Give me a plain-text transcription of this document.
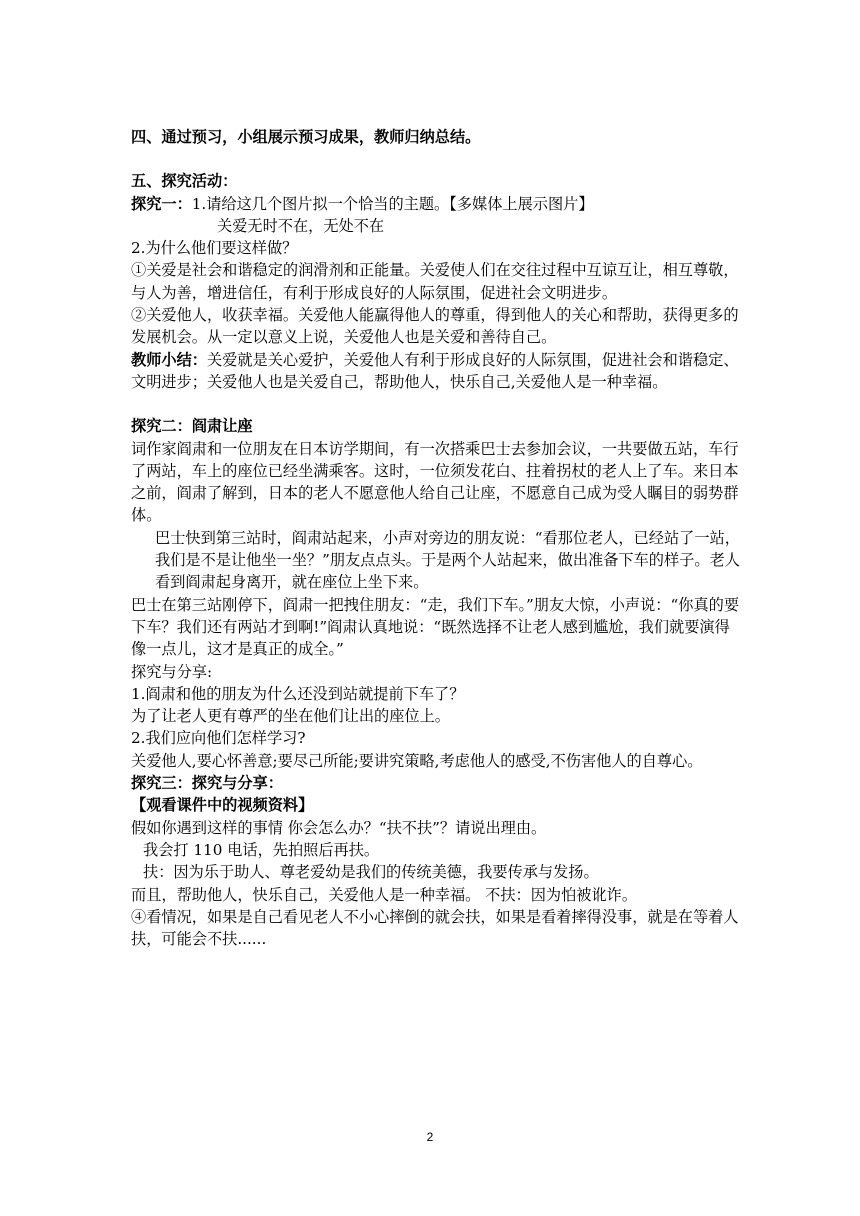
四、通过预习，小组展示预习成果，教师归纳总结。

五、探究活动：

探究一：1.请给这几个图片拟一个恰当的主题。【多媒体上展示图片】

关爱无时不在，无处不在

2.为什么他们要这样做？

①关爱是社会和谐稳定的润滑剂和正能量。关爱使人们在交往过程中互谅互让，相互尊敬，与人为善，增进信任，有利于形成良好的人际氛围，促进社会文明进步。

②关爱他人，收获幸福。关爱他人能赢得他人的尊重，得到他人的关心和帮助，获得更多的发展机会。从一定以意义上说，关爱他人也是关爱和善待自己。

教师小结：关爱就是关心爱护，关爱他人有利于形成良好的人际氛围，促进社会和谐稳定、文明进步；关爱他人也是关爱自己，帮助他人，快乐自己,关爱他人是一种幸福。

探究二：阎肃让座

词作家阎肃和一位朋友在日本访学期间，有一次搭乘巴士去参加会议，一共要做五站，车行了两站，车上的座位已经坐满乘客。这时，一位须发花白、拄着拐杖的老人上了车。来日本之前，阎肃了解到，日本的老人不愿意他人给自己让座，不愿意自己成为受人瞩目的弱势群体。

巴士快到第三站时，阎肃站起来，小声对旁边的朋友说：“看那位老人，已经站了一站，我们是不是让他坐一坐？”朋友点点头。于是两个人站起来，做出准备下车的样子。老人看到阎肃起身离开，就在座位上坐下来。

巴士在第三站刚停下，阎肃一把拽住朋友：“走，我们下车。”朋友大惊，小声说：“你真的要下车？我们还有两站才到啊!”阎肃认真地说：“既然选择不让老人感到尴尬，我们就要演得像一点儿，这才是真正的成全。”

探究与分享:

1.阎肃和他的朋友为什么还没到站就提前下车了？

为了让老人更有尊严的坐在他们让出的座位上。

2.我们应向他们怎样学习?

关爱他人,要心怀善意;要尽己所能;要讲究策略,考虑他人的感受,不伤害他人的自尊心。

探究三：探究与分享：

【观看课件中的视频资料】

假如你遇到这样的事情 你会怎么办？“扶不扶”？请说出理由。

我会打 110 电话，先拍照后再扶。

扶：因为乐于助人、尊老爱幼是我们的传统美德，我要传承与发扬。

而且，帮助他人，快乐自己，关爱他人是一种幸福。 不扶：因为怕被讹诈。

④看情况，如果是自己看见老人不小心摔倒的就会扶，如果是看着摔得没事，就是在等着人扶，可能会不扶......

2
